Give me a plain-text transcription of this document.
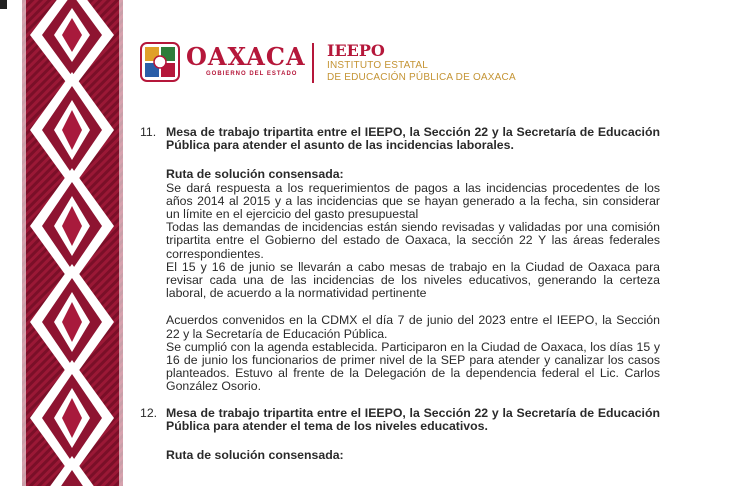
OAXACA
GOBIERNO DEL ESTADO
IEEPO
INSTITUTO ESTATAL
DE EDUCACIÓN PÚBLICA DE OAXACA
11. Mesa de trabajo tripartita entre el IEEPO, la Sección 22 y la Secretaría de Educación Pública para atender el asunto de las incidencias laborales.

Ruta de solución consensada:

Se dará respuesta a los requerimientos de pagos a las incidencias procedentes de los años 2014 al 2015 y a las incidencias que se hayan generado a la fecha, sin considerar un límite en el ejercicio del gasto presupuestal

Todas las demandas de incidencias están siendo revisadas y validadas por una comisión tripartita entre el Gobierno del estado de Oaxaca, la sección 22 Y las áreas federales correspondientes.

El 15 y 16 de junio se llevarán a cabo mesas de trabajo en la Ciudad de Oaxaca para revisar cada una de las incidencias de los niveles educativos, generando la certeza laboral, de acuerdo a la normatividad pertinente

Acuerdos convenidos en la CDMX el día 7 de junio del 2023 entre el IEEPO, la Sección 22 y la Secretaría de Educación Pública.

Se cumplió con la agenda establecida. Participaron en la Ciudad de Oaxaca, los días 15 y 16 de junio los funcionarios de primer nivel de la SEP para atender y canalizar los casos planteados. Estuvo al frente de la Delegación de la dependencia federal el Lic. Carlos González Osorio.

12. Mesa de trabajo tripartita entre el IEEPO, la Sección 22 y la Secretaría de Educación Pública para atender el tema de los niveles educativos.

Ruta de solución consensada:
